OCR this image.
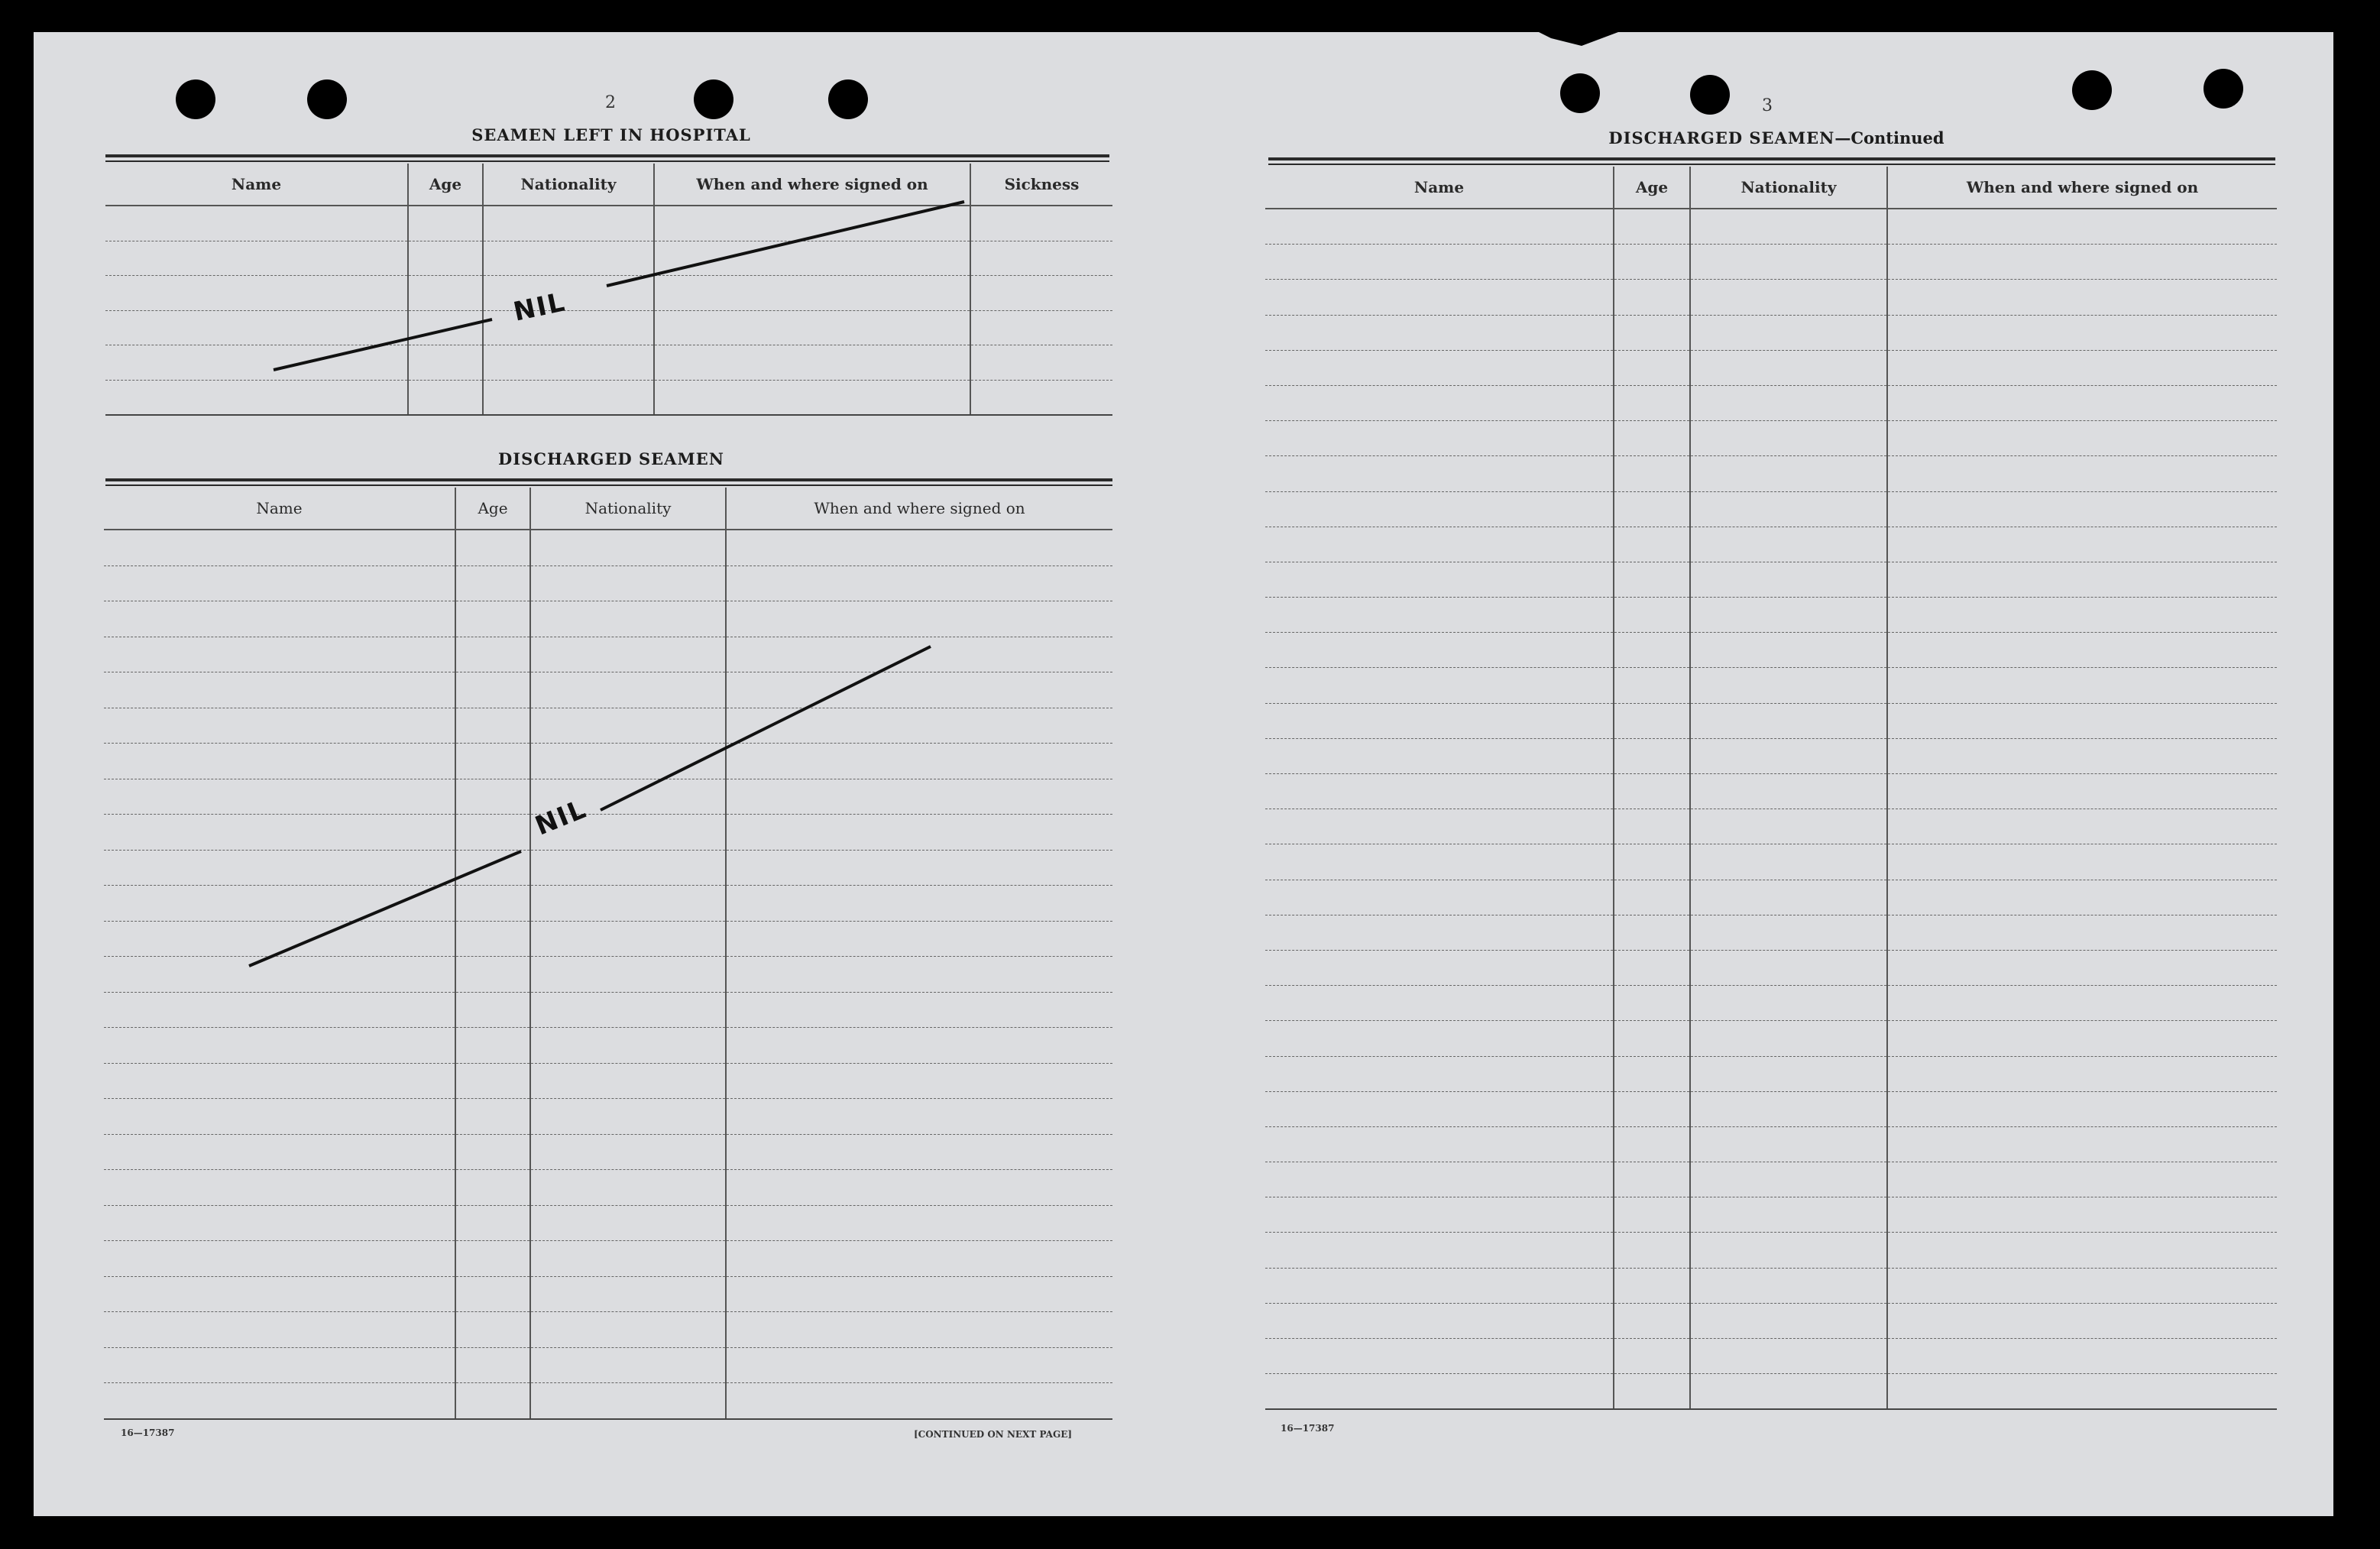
2
SEAMEN LEFT IN HOSPITAL
Name	Age	Nationality	When and where signed on	Sickness

DISCHARGED SEAMEN
Name	Age	Nationality	When and where signed on

16—17387	[CONTINUED ON NEXT PAGE]
3
DISCHARGED SEAMEN—Continued
Name	Age	Nationality	When and where signed on

16—17387
NIL
NIL
